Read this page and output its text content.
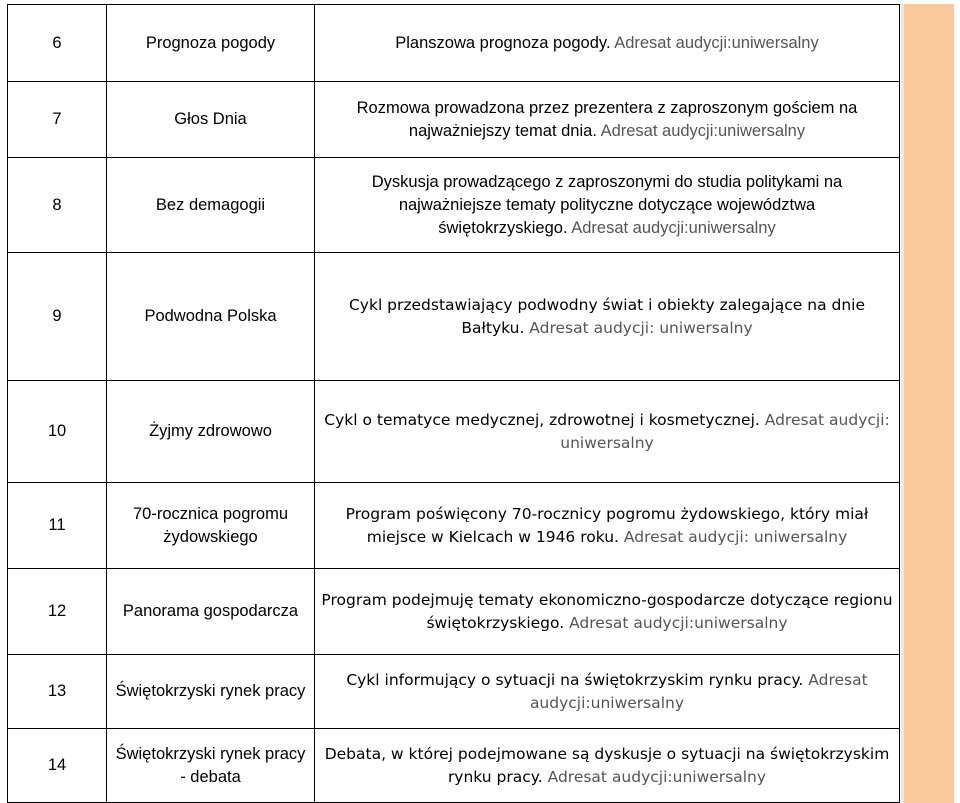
6	Prognoza pogody	Planszowa prognoza pogody. Adresat audycji:uniwersalny
7	Głos Dnia	Rozmowa prowadzona przez prezentera z zaproszonym gościem na najważniejszy temat dnia. Adresat audycji:uniwersalny
8	Bez demagogii	Dyskusja prowadzącego z zaproszonymi do studia politykami na najważniejsze tematy polityczne dotyczące województwa świętokrzyskiego. Adresat audycji:uniwersalny
9	Podwodna Polska	Cykl przedstawiający podwodny świat i obiekty zalegające na dnie Bałtyku. Adresat audycji: uniwersalny
10	Żyjmy zdrowowo	Cykl o tematyce medycznej, zdrowotnej i kosmetycznej. Adresat audycji: uniwersalny
11	70-rocznica pogromu żydowskiego	Program poświęcony 70-rocznicy pogromu żydowskiego, który miał miejsce w Kielcach w 1946 roku. Adresat audycji: uniwersalny
12	Panorama gospodarcza	Program podejmuję tematy ekonomiczno-gospodarcze dotyczące regionu świętokrzyskiego. Adresat audycji:uniwersalny
13	Świętokrzyski rynek pracy	Cykl informujący o sytuacji na świętokrzyskim rynku pracy. Adresat audycji:uniwersalny
14	Świętokrzyski rynek pracy - debata	Debata, w której podejmowane są dyskusje o sytuacji na świętokrzyskim rynku pracy. Adresat audycji:uniwersalny
